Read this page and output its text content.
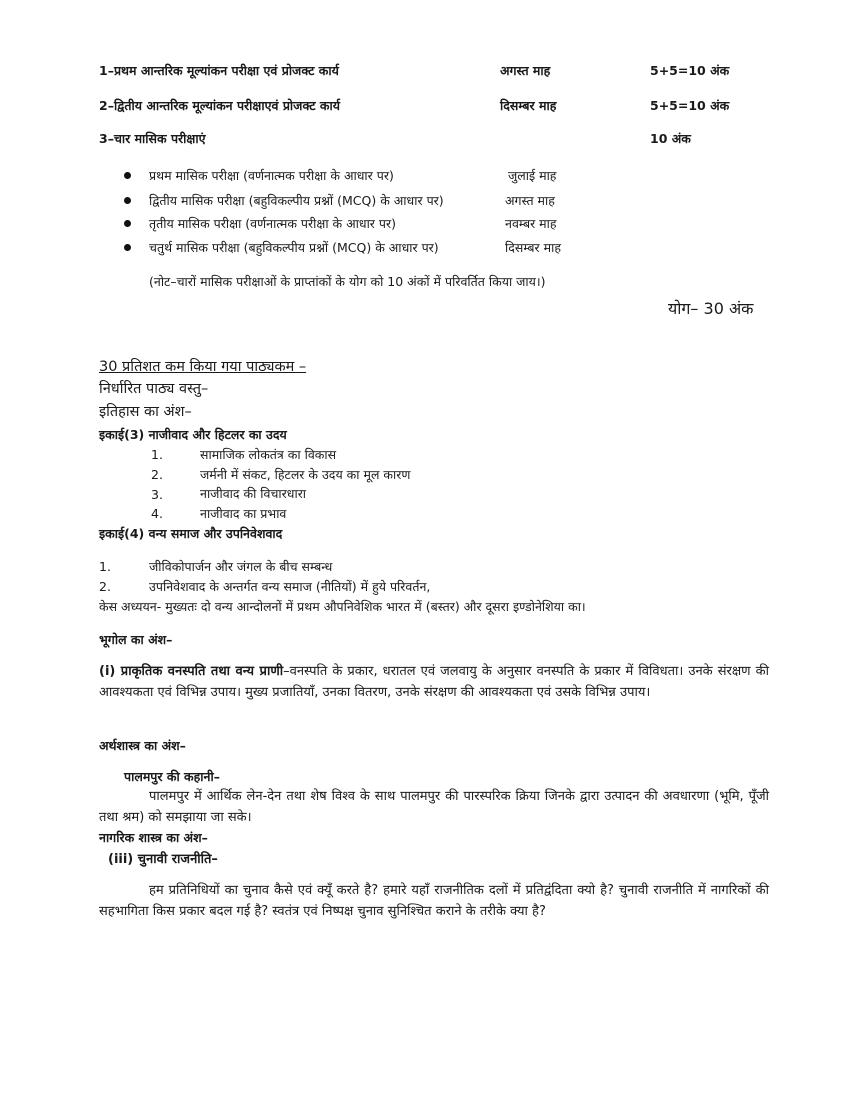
1–प्रथम आन्तरिक मूल्यांकन परीक्षा एवं प्रोजक्ट कार्य	अगस्त माह	5+5=10 अंक
2–द्वितीय आन्तरिक मूल्यांकन परीक्षाएवं प्रोजक्ट कार्य	दिसम्बर माह	5+5=10 अंक
3–चार मासिक परीक्षाएं	10 अंक
प्रथम मासिक परीक्षा (वर्णनात्मक परीक्षा के आधार पर)	जुलाई माह
द्वितीय मासिक परीक्षा (बहुविकल्पीय प्रश्नों (MCQ) के आधार पर)	अगस्त माह
तृतीय मासिक परीक्षा (वर्णनात्मक परीक्षा के आधार पर)	नवम्बर माह
चतुर्थ मासिक परीक्षा (बहुविकल्पीय प्रश्नों (MCQ) के आधार पर)	दिसम्बर माह
(नोट–चारों मासिक परीक्षाओं के प्राप्तांकों के योग को 10 अंकों में परिवर्तित किया जाय।)
योग– 30 अंक
30 प्रतिशत कम किया गया पाठ्यकम –
निर्धारित पाठ्य वस्तु–
इतिहास का अंश–
इकाई(3) नाजीवाद और हिटलर का उदय
1.	सामाजिक लोकतंत्र का विकास
2.	जर्मनी में संकट, हिटलर के उदय का मूल कारण
3.	नाजीवाद की विचारधारा
4.	नाजीवाद का प्रभाव
इकाई(4) वन्य समाज और उपनिवेशवाद
1.	जीविकोपार्जन और जंगल के बीच सम्बन्ध
2.	उपनिवेशवाद के अन्तर्गत वन्य समाज (नीतियों) में हुये परिवर्तन,
केस अध्ययन- मुख्यतः दो वन्य आन्दोलनों में प्रथम औपनिवेशिक भारत में (बस्तर) और दूसरा इण्डोनेशिया का।
भूगोल का अंश–
(i) प्राकृतिक वनस्पति तथा वन्य प्राणी–वनस्पति के प्रकार, धरातल एवं जलवायु के अनुसार वनस्पति के प्रकार में विविधता। उनके संरक्षण की आवश्यकता एवं विभिन्न उपाय। मुख्य प्रजातियाँ, उनका वितरण, उनके संरक्षण की आवश्यकता एवं उसके विभिन्न उपाय।
अर्थशास्त्र का अंश–
पालमपुर की कहानी–
पालमपुर में आर्थिक लेन-देन तथा शेष विश्व के साथ पालमपुर की पारस्परिक क्रिया जिनके द्वारा उत्पादन की अवधारणा (भूमि, पूँजी तथा श्रम) को समझाया जा सके।
नागरिक शास्त्र का अंश–
(iii) चुनावी राजनीति–
हम प्रतिनिधियों का चुनाव कैसे एवं क्यूँ करते है? हमारे यहाँ राजनीतिक दलों में प्रतिद्वंदिता क्यो है? चुनावी राजनीति में नागरिकों की सहभागिता किस प्रकार बदल गई है? स्वतंत्र एवं निष्पक्ष चुनाव सुनिश्चित कराने के तरीके क्या है?
